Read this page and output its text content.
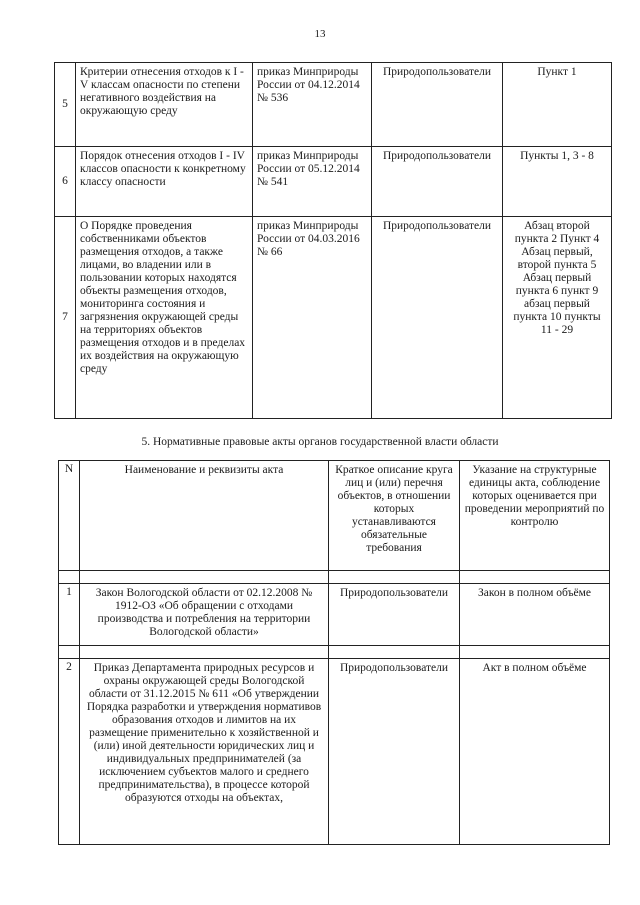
13
5	Критерии отнесения отходов к I - V классам опасности по степени негативного воздействия на окружающую среду	приказ Минприроды России от 04.12.2014 № 536	Природопользователи	Пункт 1
6	Порядок отнесения отходов I - IV классов опасности к конкретному классу опасности	приказ Минприроды России от 05.12.2014 № 541	Природопользователи	Пункты 1, 3 - 8
7	О Порядке проведения собственниками объектов размещения отходов, а также лицами, во владении или в пользовании которых находятся объекты размещения отходов, мониторинга состояния и загрязнения окружающей среды на территориях объектов размещения отходов и в пределах их воздействия на окружающую среду	приказ Минприроды России от 04.03.2016 № 66	Природопользователи	Абзац второй пункта 2 Пункт 4 Абзац первый, второй пункта 5 Абзац первый пункта 6 пункт 9 абзац первый пункта 10 пункты 11 - 29
5. Нормативные правовые акты органов государственной власти области
N	Наименование и реквизиты акта	Краткое описание круга лиц и (или) перечня объектов, в отношении которых устанавливаются обязательные требования	Указание на структурные единицы акта, соблюдение которых оценивается при проведении мероприятий по контролю

1	Закон Вологодской области от 02.12.2008 № 1912-ОЗ «Об обращении с отходами производства и потребления на территории Вологодской области»	Природопользователи	Закон в полном объёме

2	Приказ Департамента природных ресурсов и охраны окружающей среды Вологодской области от 31.12.2015 № 611 «Об утверждении Порядка разработки и утверждения нормативов образования отходов и лимитов на их размещение применительно к хозяйственной и (или) иной деятельности юридических лиц и индивидуальных предпринимателей (за исключением субъектов малого и среднего предпринимательства), в процессе которой образуются отходы на объектах,	Природопользователи	Акт в полном объёме
